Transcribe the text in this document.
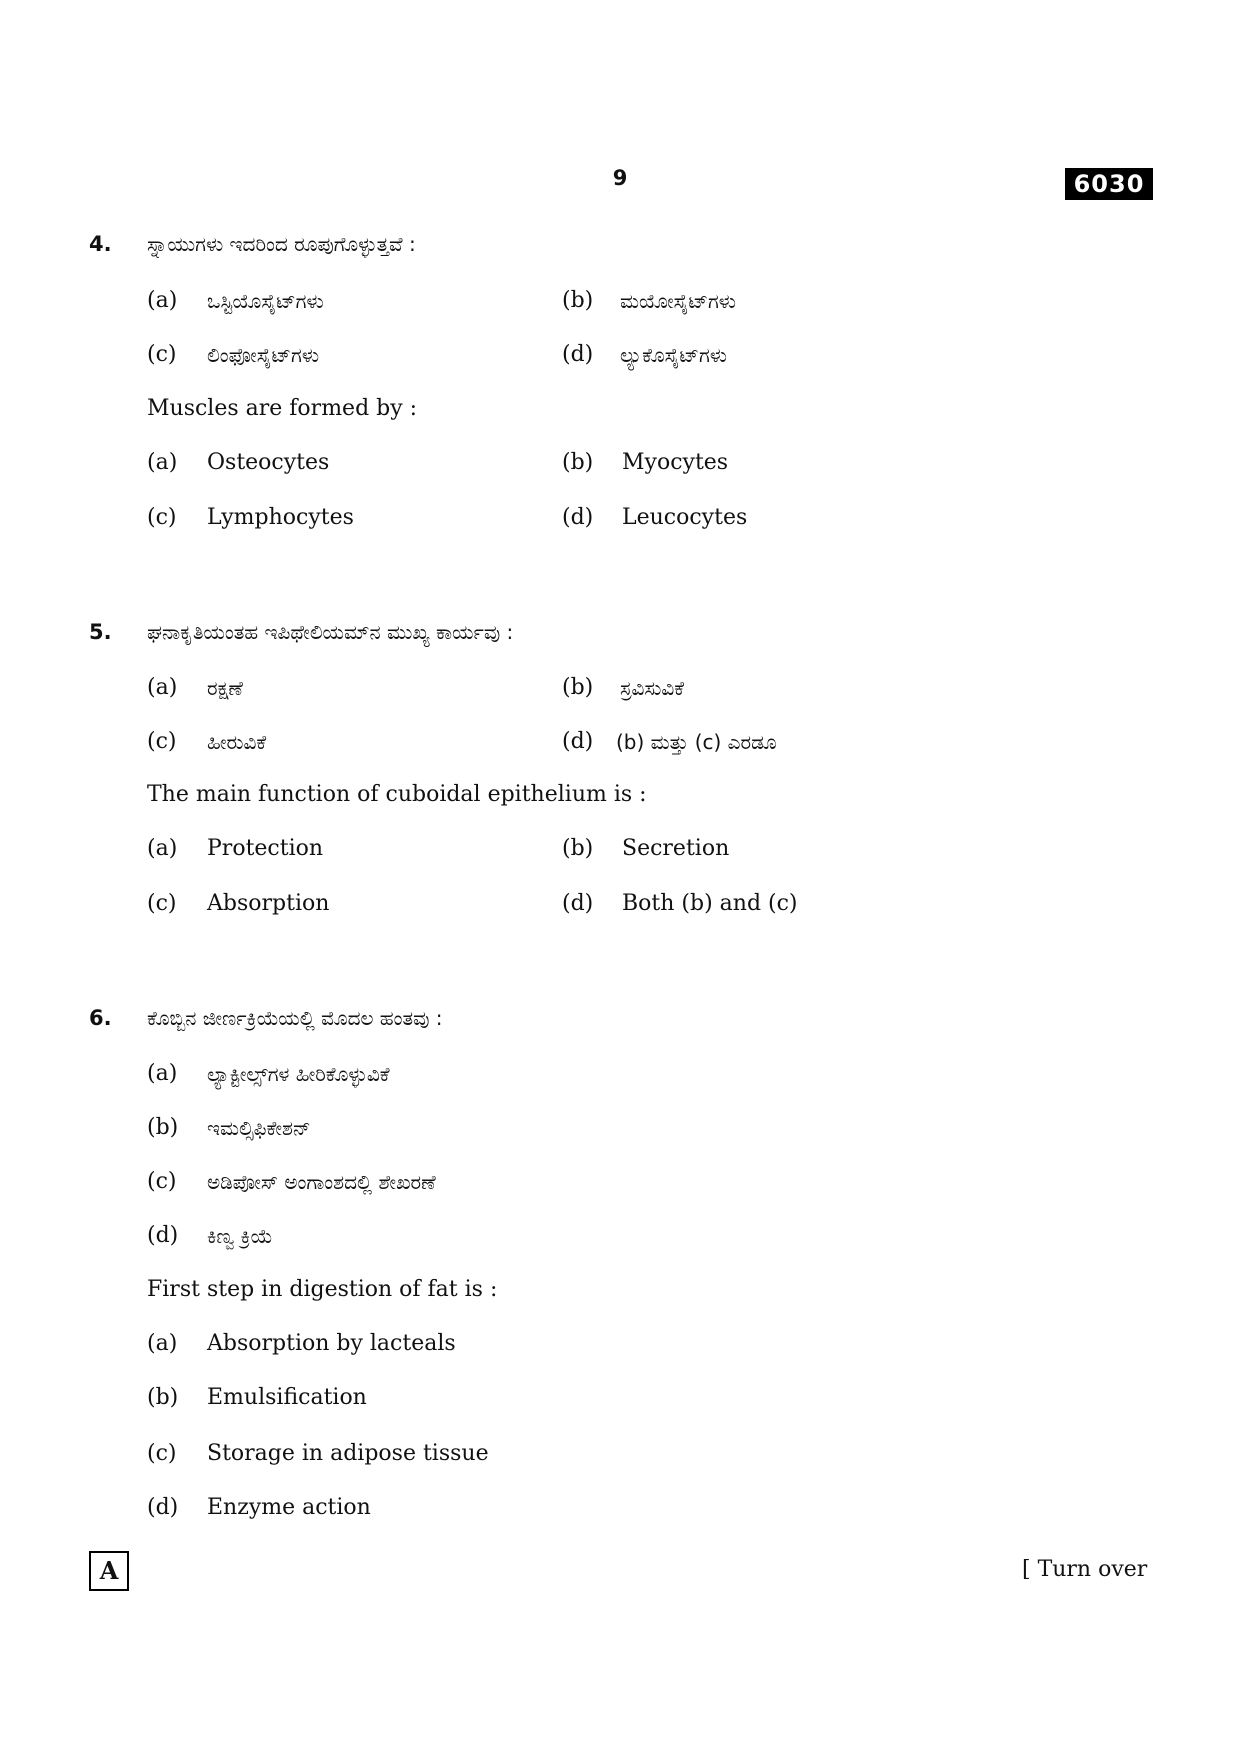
9	6030
4. ಸ್ನಾಯುಗಳು ಇದರಿಂದ ರೂಪುಗೊಳ್ಳುತ್ತವೆ :
(a) ಒಸ್ಟಿಯೊಸೈಟ್‌ಗಳು	(b) ಮಯೋಸೈಟ್‌ಗಳು
(c) ಲಿಂಫೋಸೈಟ್‌ಗಳು	(d) ಲ್ಯುಕೊಸೈಟ್‌ಗಳು
Muscles are formed by :
(a) Osteocytes	(b) Myocytes
(c) Lymphocytes	(d) Leucocytes
5. ಘನಾಕೃತಿಯಂತಹ ಇಪಿಥೇಲಿಯಮ್‌ನ ಮುಖ್ಯ ಕಾರ್ಯವು :
(a) ರಕ್ಷಣೆ	(b) ಸ್ರವಿಸುವಿಕೆ
(c) ಹೀರುವಿಕೆ	(d) (b) ಮತ್ತು (c) ಎರಡೂ
The main function of cuboidal epithelium is :
(a) Protection	(b) Secretion
(c) Absorption	(d) Both (b) and (c)
6. ಕೊಬ್ಬಿನ ಜೀರ್ಣಕ್ರಿಯೆಯಲ್ಲಿ ಮೊದಲ ಹಂತವು :
(a) ಲ್ಯಾಕ್ಟೀಲ್ಸ್‌ಗಳ ಹೀರಿಕೊಳ್ಳುವಿಕೆ
(b) ಇಮಲ್ಸಿಫಿಕೇಶನ್
(c) ಅಡಿಪೋಸ್ ಅಂಗಾಂಶದಲ್ಲಿ ಶೇಖರಣೆ
(d) ಕಿಣ್ವ ಕ್ರಿಯೆ
First step in digestion of fat is :
(a) Absorption by lacteals
(b) Emulsification
(c) Storage in adipose tissue
(d) Enzyme action
A	[ Turn over
